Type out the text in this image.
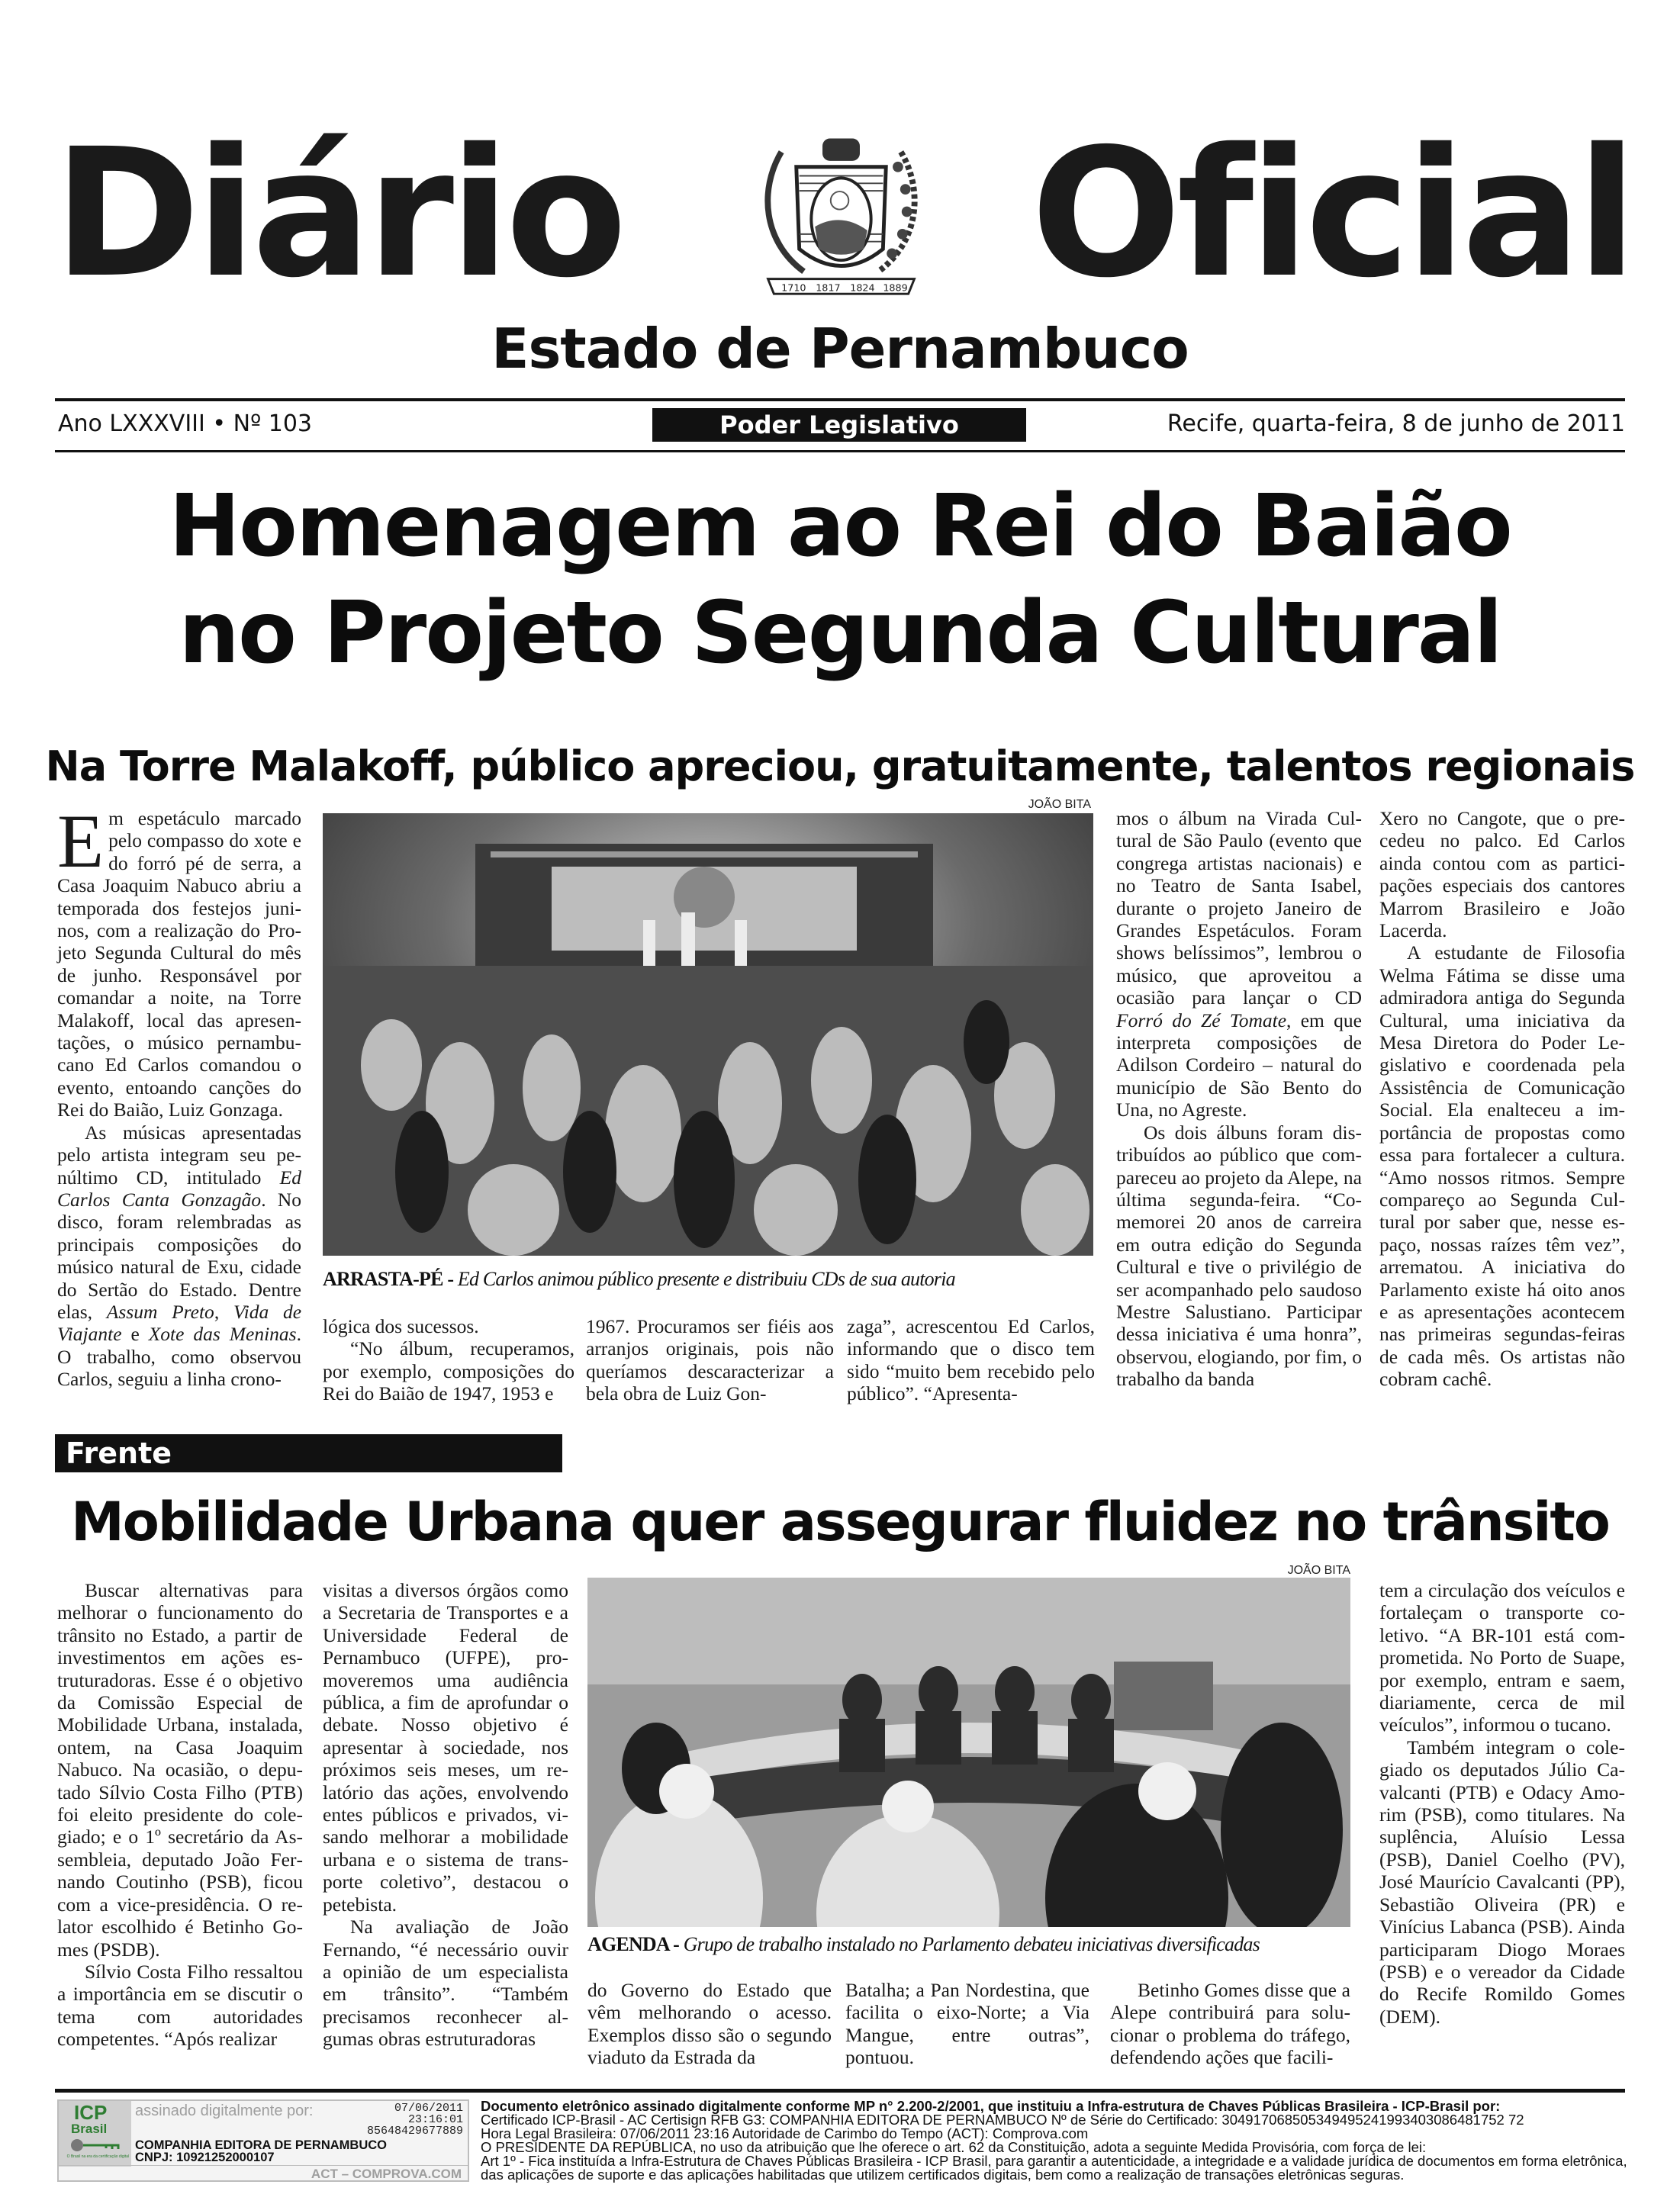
Diário	1710 1817 1824 1889 Oficial
Estado de Pernambuco
Ano LXXXVIII • Nº 103	Poder Legislativo	Recife, quarta-feira, 8 de junho de 2011
Homenagem ao Rei do Baião
no Projeto Segunda Cultural
Na Torre Malakoff, público apreciou, gratuitamente, talentos regionais

Em espetáculo marcado pelo compasso do xote e do forró pé de serra, a Casa Joaquim Nabuco abriu a temporada dos festejos juninos, com a realização do Projeto Segunda Cultural do mês de junho. Responsável por comandar a noite, na Torre Malakoff, local das apresentações, o músico pernambucano Ed Carlos comandou o evento, entoando canções do Rei do Baião, Luiz Gonzaga.

As músicas apresentadas pelo artista integram seu penúltimo CD, intitulado Ed Carlos Canta Gonzagão. No disco, foram relembradas as principais composições do músico natural de Exu, cidade do Sertão do Estado. Dentre elas, Assum Preto, Vida de Viajante e Xote das Meninas. O trabalho, como observou Carlos, seguiu a linha crono-

JOÃO BITA
ARRASTA-PÉ - Ed Carlos animou público presente e distribuiu CDs de sua autoria

lógica dos sucessos.

“No álbum, recuperamos, por exemplo, composições do Rei do Baião de 1947, 1953 e

1967. Procuramos ser fiéis aos arranjos originais, pois não queríamos descaracterizar a bela obra de Luiz Gon-

zaga”, acrescentou Ed Carlos, informando que o disco tem sido “muito bem recebido pelo público”. “Apresenta-

mos o álbum na Virada Cultural de São Paulo (evento que congrega artistas nacionais) e no Teatro de Santa Isabel, durante o projeto Janeiro de Grandes Espetáculos. Foram shows belíssimos”, lembrou o músico, que aproveitou a ocasião para lançar o CD Forró do Zé Tomate, em que interpreta composições de Adilson Cordeiro – natural do município de São Bento do Una, no Agreste.

Os dois álbuns foram distribuídos ao público que compareceu ao projeto da Alepe, na última segunda-feira. “Comemorei 20 anos de carreira em outra edição do Segunda Cultural e tive o privilégio de ser acompanhado pelo saudoso Mestre Salustiano. Participar dessa iniciativa é uma honra”, observou, elogiando, por fim, o trabalho da banda

Xero no Cangote, que o precedeu no palco. Ed Carlos ainda contou com as participações especiais dos cantores Marrom Brasileiro e João Lacerda.

A estudante de Filosofia Welma Fátima se disse uma admiradora antiga do Segunda Cultural, uma iniciativa da Mesa Diretora do Poder Legislativo e coordenada pela Assistência de Comunicação Social. Ela enalteceu a importância de propostas como essa para fortalecer a cultura. “Amo nossos ritmos. Sempre compareço ao Segunda Cultural por saber que, nesse espaço, nossas raízes têm vez”, arrematou. A iniciativa do Parlamento existe há oito anos e as apresentações acontecem nas primeiras segundas-feiras de cada mês. Os artistas não cobram cachê.

Frente
Mobilidade Urbana quer assegurar fluidez no trânsito

Buscar alternativas para melhorar o funcionamento do trânsito no Estado, a partir de investimentos em ações estruturadoras. Esse é o objetivo da Comissão Especial de Mobilidade Urbana, instalada, ontem, na Casa Joaquim Nabuco. Na ocasião, o deputado Sílvio Costa Filho (PTB) foi eleito presidente do colegiado; e o 1º secretário da Assembleia, deputado João Fernando Coutinho (PSB), ficou com a vice-presidência. O relator escolhido é Betinho Gomes (PSDB).

Sílvio Costa Filho ressaltou a importância em se discutir o tema com autoridades competentes. “Após realizar

visitas a diversos órgãos como a Secretaria de Transportes e a Universidade Federal de Pernambuco (UFPE), promoveremos uma audiência pública, a fim de aprofundar o debate. Nosso objetivo é apresentar à sociedade, nos próximos seis meses, um relatório das ações, envolvendo entes públicos e privados, visando melhorar a mobilidade urbana e o sistema de transporte coletivo”, destacou o petebista.

Na avaliação de João Fernando, “é necessário ouvir a opinião de um especialista em trânsito”. “Também precisamos reconhecer algumas obras estruturadoras

JOÃO BITA
AGENDA - Grupo de trabalho instalado no Parlamento debateu iniciativas diversificadas

do Governo do Estado que vêm melhorando o acesso. Exemplos disso são o segundo viaduto da Estrada da

Batalha; a Pan Nordestina, que facilita o eixo-Norte; a Via Mangue, entre outras”, pontuou.

Betinho Gomes disse que a Alepe contribuirá para solucionar o problema do tráfego, defendendo ações que facili-

tem a circulação dos veículos e fortaleçam o transporte coletivo. “A BR-101 está comprometida. No Porto de Suape, por exemplo, entram e saem, diariamente, cerca de mil veículos”, informou o tucano.

Também integram o colegiado os deputados Júlio Cavalcanti (PTB) e Odacy Amorim (PSB), como titulares. Na suplência, Aluísio Lessa (PSB), Daniel Coelho (PV), José Maurício Cavalcanti (PP), Sebastião Oliveira (PR) e Vinícius Labanca (PSB). Ainda participaram Diogo Moraes (PSB) e o vereador da Cidade do Recife Romildo Gomes (DEM).

ICP
Brasil
O Brasil na era da certificação digital
assinado digitalmente por:	07/06/2011
23:16:01
85648429677889
COMPANHIA EDITORA DE PERNAMBUCO
CNPJ: 10921252000107
ACT – COMPROVA.COM
Documento eletrônico assinado digitalmente conforme MP n° 2.200-2/2001, que instituiu a Infra-estrutura de Chaves Públicas Brasileira - ICP-Brasil por:
Certificado ICP-Brasil - AC Certisign RFB G3: COMPANHIA EDITORA DE PERNAMBUCO Nº de Série do Certificado: 304917068505349495241993403086481752 72
Hora Legal Brasileira: 07/06/2011 23:16 Autoridade de Carimbo do Tempo (ACT): Comprova.com
O PRESIDENTE DA REPÚBLICA, no uso da atribuição que lhe oferece o art. 62 da Constituição, adota a seguinte Medida Provisória, com força de lei:
Art 1º - Fica instituída a Infra-Estrutura de Chaves Públicas Brasileira - ICP Brasil, para garantir a autenticidade, a integridade e a validade jurídica de documentos em forma eletrônica,
das aplicações de suporte e das aplicações habilitadas que utilizem certificados digitais, bem como a realização de transações eletrônicas seguras.
